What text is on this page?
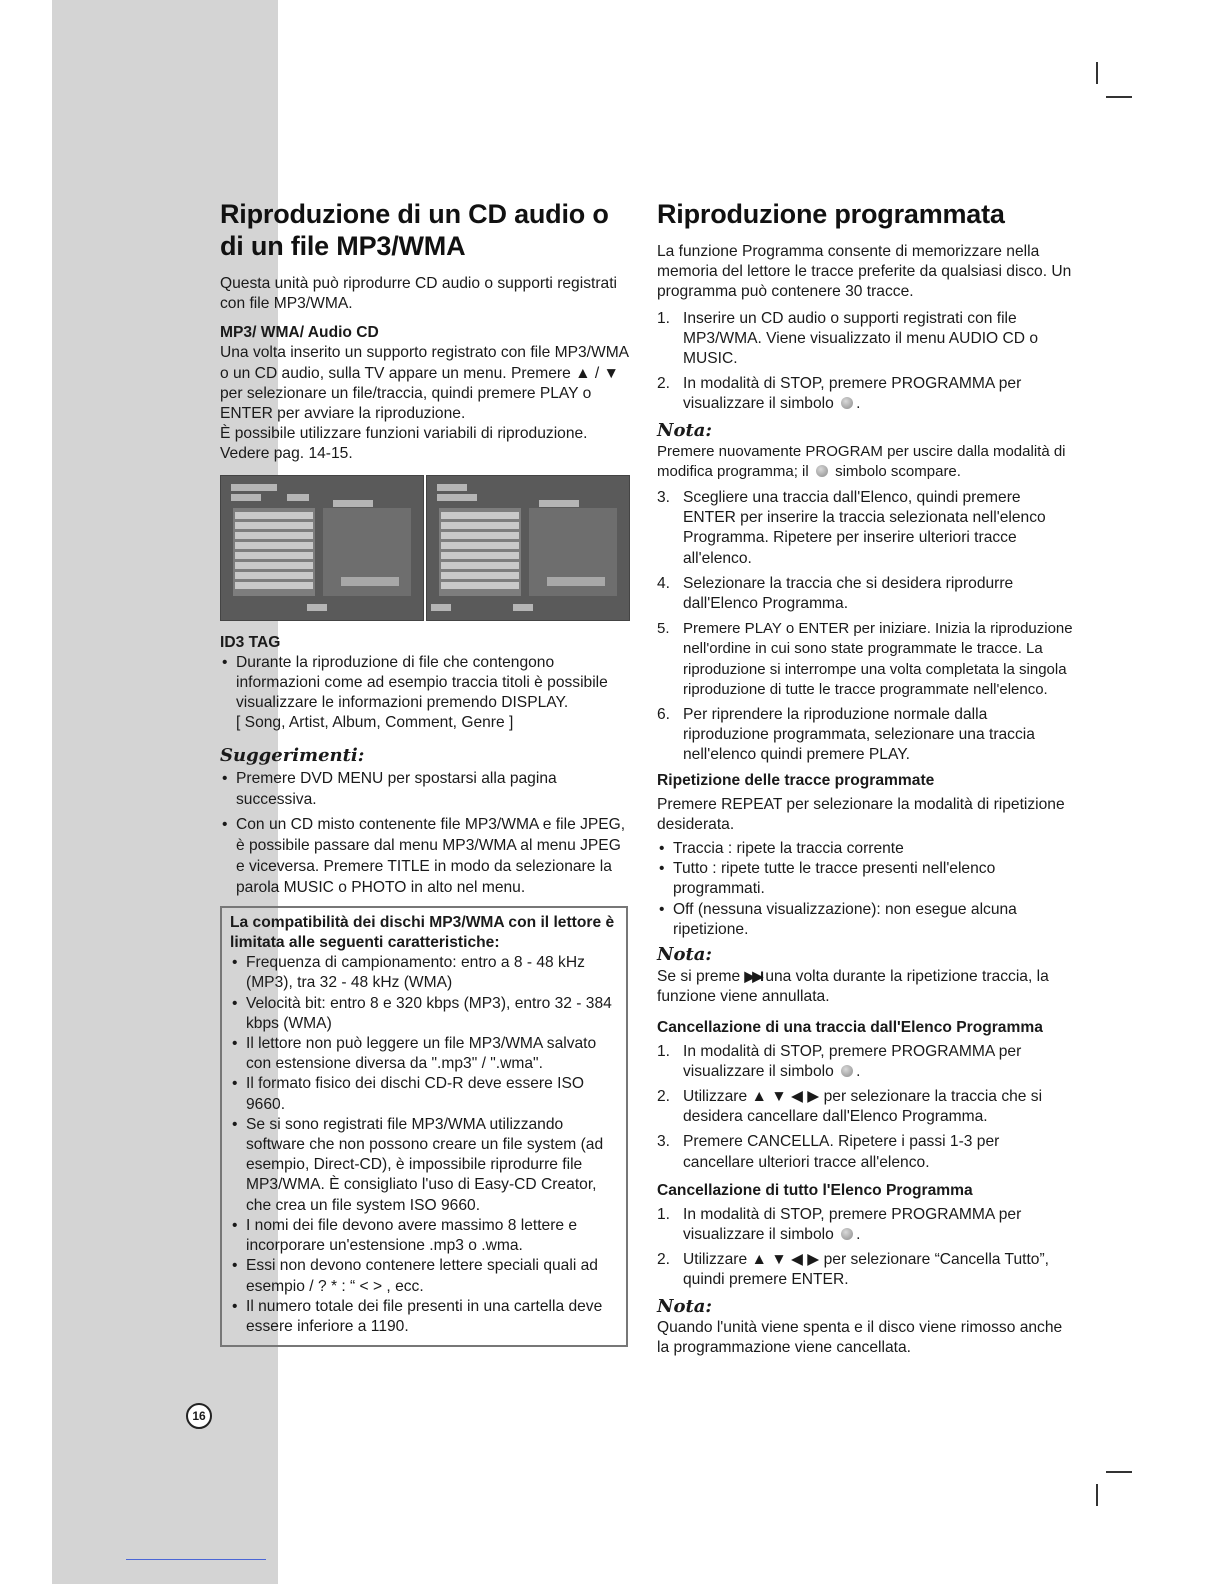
Riproduzione di un CD audio o di un file MP3/WMA

Questa unità può riprodurre CD audio o supporti registrati con file MP3/WMA.

MP3/ WMA/ Audio CD

Una volta inserito un supporto registrato con file MP3/WMA o un CD audio, sulla TV appare un menu. Premere ▲ / ▼ per selezionare un file/traccia, quindi premere PLAY o ENTER per avviare la riproduzione.

È possibile utilizzare funzioni variabili di riproduzione. Vedere pag. 14-15.

ID3 TAG

• Durante la riproduzione di file che contengono informazioni come ad esempio traccia titoli è possibile visualizzare le informazioni premendo DISPLAY.
[ Song, Artist, Album, Comment, Genre ]

Suggerimenti:

• Premere DVD MENU per spostarsi alla pagina successiva.
• Con un CD misto contenente file MP3/WMA e file JPEG, è possibile passare dal menu MP3/WMA al menu JPEG e viceversa. Premere TITLE in modo da selezionare la parola MUSIC o PHOTO in alto nel menu.
La compatibilità dei dischi MP3/WMA con il lettore è limitata alle seguenti caratteristiche:
• Frequenza di campionamento: entro a 8 - 48 kHz (MP3), tra 32 - 48 kHz (WMA)
• Velocità bit: entro 8 e 320 kbps (MP3), entro 32 - 384 kbps (WMA)
• Il lettore non può leggere un file MP3/WMA salvato con estensione diversa da ".mp3" / ".wma".
• Il formato fisico dei dischi CD-R deve essere ISO 9660.
• Se si sono registrati file MP3/WMA utilizzando software che non possono creare un file system (ad esempio, Direct-CD), è impossibile riprodurre file MP3/WMA. È consigliato l'uso di Easy-CD Creator, che crea un file system ISO 9660.
• I nomi dei file devono avere massimo 8 lettere e incorporare un'estensione .mp3 o .wma.
• Essi non devono contenere lettere speciali quali ad esempio / ? * : “ < > , ecc.
• Il numero totale dei file presenti in una cartella deve essere inferiore a 1190.
Riproduzione programmata

La funzione Programma consente di memorizzare nella memoria del lettore le tracce preferite da qualsiasi disco. Un programma può contenere 30 tracce.

1. Inserire un CD audio o supporti registrati con file MP3/WMA. Viene visualizzato il menu AUDIO CD o MUSIC.
2. In modalità di STOP, premere PROGRAMMA per visualizzare il simbolo .

Nota:

Premere nuovamente PROGRAM per uscire dalla modalità di modifica programma; il simbolo scompare.

3. Scegliere una traccia dall'Elenco, quindi premere ENTER per inserire la traccia selezionata nell'elenco Programma. Ripetere per inserire ulteriori tracce all'elenco.
4. Selezionare la traccia che si desidera riprodurre dall'Elenco Programma.
5. Premere PLAY o ENTER per iniziare. Inizia la riproduzione nell'ordine in cui sono state programmate le tracce. La riproduzione si interrompe una volta completata la singola riproduzione di tutte le tracce programmate nell'elenco.
6. Per riprendere la riproduzione normale dalla riproduzione programmata, selezionare una traccia nell'elenco quindi premere PLAY.

Ripetizione delle tracce programmate

Premere REPEAT per selezionare la modalità di ripetizione desiderata.

• Traccia : ripete la traccia corrente
• Tutto : ripete tutte le tracce presenti nell'elenco programmati.
• Off (nessuna visualizzazione): non esegue alcuna ripetizione.

Nota:

Se si preme ▶▶I una volta durante la ripetizione traccia, la funzione viene annullata.

Cancellazione di una traccia dall'Elenco Programma

1. In modalità di STOP, premere PROGRAMMA per visualizzare il simbolo .
2. Utilizzare ▲ ▼ ◀ ▶ per selezionare la traccia che si desidera cancellare dall'Elenco Programma.
3. Premere CANCELLA. Ripetere i passi 1-3 per cancellare ulteriori tracce all'elenco.

Cancellazione di tutto l'Elenco Programma

1. In modalità di STOP, premere PROGRAMMA per visualizzare il simbolo .
2. Utilizzare ▲ ▼ ◀ ▶ per selezionare “Cancella Tutto”, quindi premere ENTER.

Nota:

Quando l'unità viene spenta e il disco viene rimosso anche la programmazione viene cancellata.

16
